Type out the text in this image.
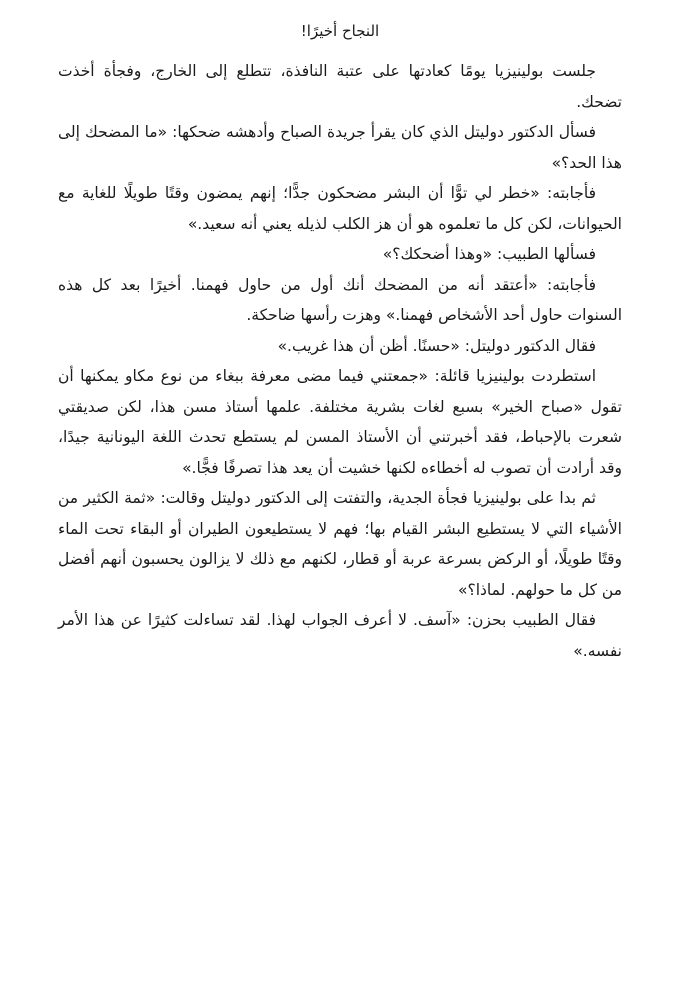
النجاح أخيرًا!

جلست بولينيزيا يومًا كعادتها على عتبة النافذة، تتطلع إلى الخارج، وفجأة أخذت تضحك.

فسأل الدكتور دوليتل الذي كان يقرأ جريدة الصباح وأدهشه ضحكها: «ما المضحك إلى هذا الحد؟»

فأجابته: «خطر لي توًّا أن البشر مضحكون جدًّا؛ إنهم يمضون وقتًا طويلًا للغاية مع الحيوانات، لكن كل ما تعلموه هو أن هز الكلب لذيله يعني أنه سعيد.»

فسألها الطبيب: «وهذا أضحكك؟»

فأجابته: «أعتقد أنه من المضحك أنك أول من حاول فهمنا. أخيرًا بعد كل هذه السنوات حاول أحد الأشخاص فهمنا.» وهزت رأسها ضاحكة.

فقال الدكتور دوليتل: «حسنًا. أظن أن هذا غريب.»

استطردت بولينيزيا قائلة: «جمعتني فيما مضى معرفة ببغاء من نوع مكاو يمكنها أن تقول «صباح الخير» بسبع لغات بشرية مختلفة. علمها أستاذ مسن هذا، لكن صديقتي شعرت بالإحباط، فقد أخبرتني أن الأستاذ المسن لم يستطع تحدث اللغة اليونانية جيدًا، وقد أرادت أن تصوب له أخطاءه لكنها خشيت أن يعد هذا تصرفًا فجًّا.»

ثم بدا على بولينيزيا فجأة الجدية، والتفتت إلى الدكتور دوليتل وقالت: «ثمة الكثير من الأشياء التي لا يستطيع البشر القيام بها؛ فهم لا يستطيعون الطيران أو البقاء تحت الماء وقتًا طويلًا، أو الركض بسرعة عربة أو قطار، لكنهم مع ذلك لا يزالون يحسبون أنهم أفضل من كل ما حولهم. لماذا؟»

فقال الطبيب بحزن: «آسف. لا أعرف الجواب لهذا. لقد تساءلت كثيرًا عن هذا الأمر نفسه.»
